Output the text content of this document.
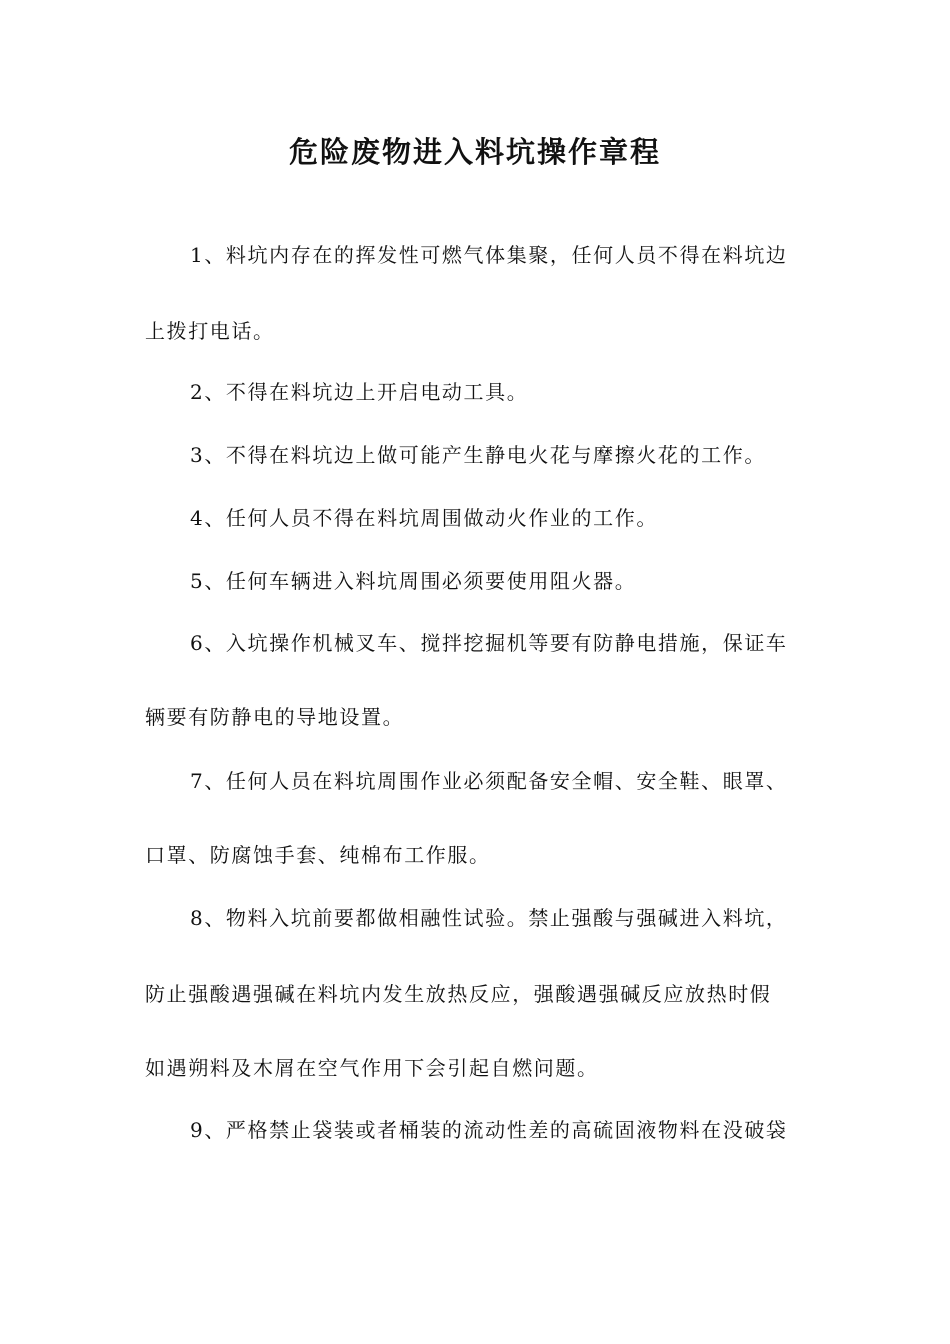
危险废物进入料坑操作章程
1、料坑内存在的挥发性可燃气体集聚，任何人员不得在料坑边
上拨打电话。
2、不得在料坑边上开启电动工具。
3、不得在料坑边上做可能产生静电火花与摩擦火花的工作。
4、任何人员不得在料坑周围做动火作业的工作。
5、任何车辆进入料坑周围必须要使用阻火器。
6、入坑操作机械叉车、搅拌挖掘机等要有防静电措施，保证车
辆要有防静电的导地设置。
7、任何人员在料坑周围作业必须配备安全帽、安全鞋、眼罩、
口罩、防腐蚀手套、纯棉布工作服。
8、物料入坑前要都做相融性试验。禁止强酸与强碱进入料坑，
防止强酸遇强碱在料坑内发生放热反应，强酸遇强碱反应放热时假
如遇朔料及木屑在空气作用下会引起自燃问题。
9、严格禁止袋装或者桶装的流动性差的高硫固液物料在没破袋
